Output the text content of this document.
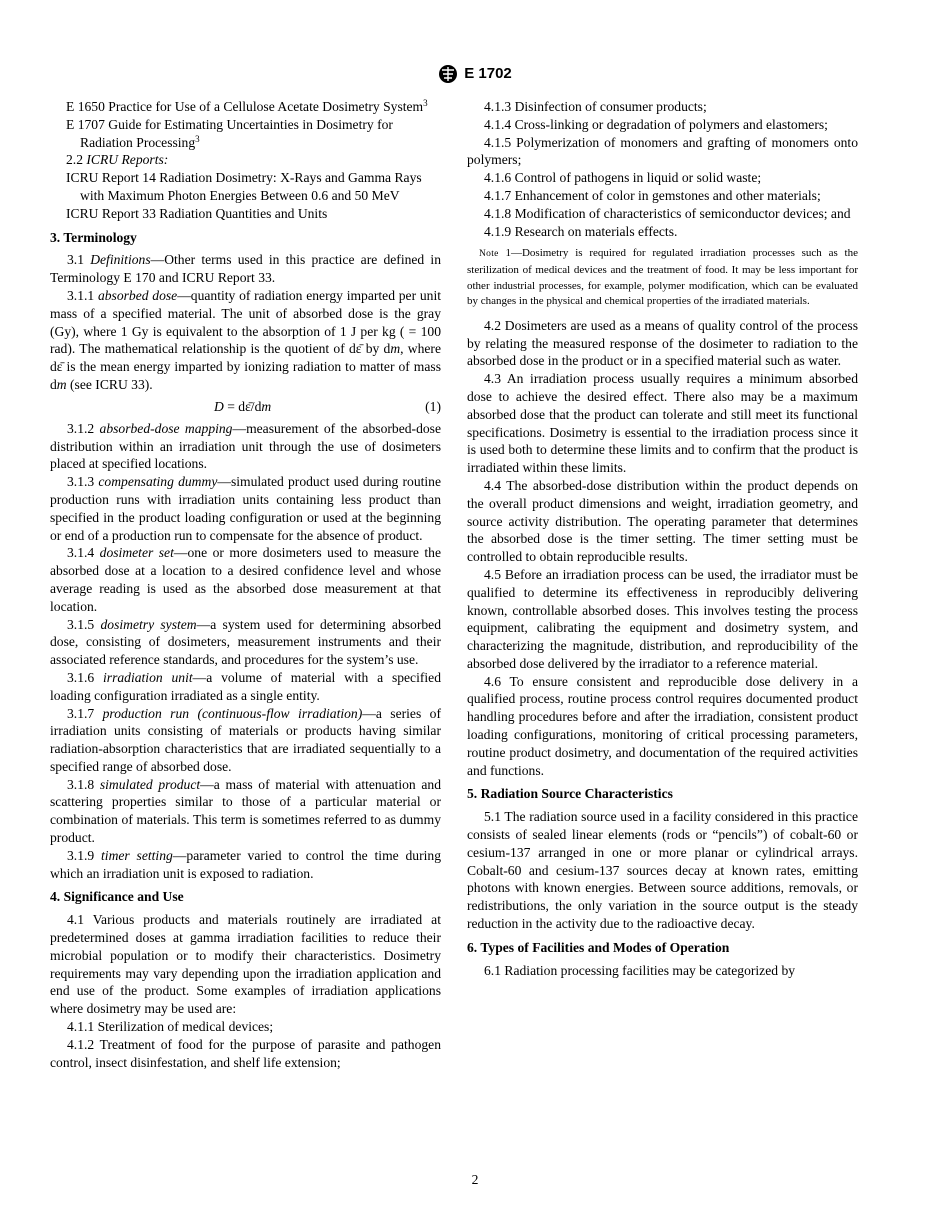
E 1702

E 1650 Practice for Use of a Cellulose Acetate Dosimetry System$^3$

E 1707 Guide for Estimating Uncertainties in Dosimetry for Radiation Processing$^3$

2.2 ICRU Reports:

ICRU Report 14 Radiation Dosimetry: X-Rays and Gamma Rays with Maximum Photon Energies Between 0.6 and 50 MeV

ICRU Report 33 Radiation Quantities and Units

3. Terminology

3.1 Definitions—Other terms used in this practice are defined in Terminology E 170 and ICRU Report 33.

3.1.1 absorbed dose—quantity of radiation energy imparted per unit mass of a specified material. The unit of absorbed dose is the gray (Gy), where 1 Gy is equivalent to the absorption of 1 J per kg ( = 100 rad). The mathematical relationship is the quotient of dε̄ by dm, where dε̄ is the mean energy imparted by ionizing radiation to matter of mass dm (see ICRU 33).

D = dε̄/dm	(1)

3.1.2 absorbed-dose mapping—measurement of the absorbed-dose distribution within an irradiation unit through the use of dosimeters placed at specified locations.

3.1.3 compensating dummy—simulated product used during routine production runs with irradiation units containing less product than specified in the product loading configuration or used at the beginning or end of a production run to compensate for the absence of product.

3.1.4 dosimeter set—one or more dosimeters used to measure the absorbed dose at a location to a desired confidence level and whose average reading is used as the absorbed dose measurement at that location.

3.1.5 dosimetry system—a system used for determining absorbed dose, consisting of dosimeters, measurement instruments and their associated reference standards, and procedures for the system’s use.

3.1.6 irradiation unit—a volume of material with a specified loading configuration irradiated as a single entity.

3.1.7 production run (continuous-flow irradiation)—a series of irradiation units consisting of materials or products having similar radiation-absorption characteristics that are irradiated sequentially to a specified range of absorbed dose.

3.1.8 simulated product—a mass of material with attenuation and scattering properties similar to those of a particular material or combination of materials. This term is sometimes referred to as dummy product.

3.1.9 timer setting—parameter varied to control the time during which an irradiation unit is exposed to radiation.

4. Significance and Use

4.1 Various products and materials routinely are irradiated at predetermined doses at gamma irradiation facilities to reduce their microbial population or to modify their characteristics. Dosimetry requirements may vary depending upon the irradiation application and end use of the product. Some examples of irradiation applications where dosimetry may be used are:

4.1.1 Sterilization of medical devices;

4.1.2 Treatment of food for the purpose of parasite and pathogen control, insect disinfestation, and shelf life extension;

4.1.3 Disinfection of consumer products;

4.1.4 Cross-linking or degradation of polymers and elastomers;

4.1.5 Polymerization of monomers and grafting of monomers onto polymers;

4.1.6 Control of pathogens in liquid or solid waste;

4.1.7 Enhancement of color in gemstones and other materials;

4.1.8 Modification of characteristics of semiconductor devices; and

4.1.9 Research on materials effects.

Note 1—Dosimetry is required for regulated irradiation processes such as the sterilization of medical devices and the treatment of food. It may be less important for other industrial processes, for example, polymer modification, which can be evaluated by changes in the physical and chemical properties of the irradiated materials.

4.2 Dosimeters are used as a means of quality control of the process by relating the measured response of the dosimeter to radiation to the absorbed dose in the product or in a specified material such as water.

4.3 An irradiation process usually requires a minimum absorbed dose to achieve the desired effect. There also may be a maximum absorbed dose that the product can tolerate and still meet its functional specifications. Dosimetry is essential to the irradiation process since it is used both to determine these limits and to confirm that the product is irradiated within these limits.

4.4 The absorbed-dose distribution within the product depends on the overall product dimensions and weight, irradiation geometry, and source activity distribution. The operating parameter that determines the absorbed dose is the timer setting. The timer setting must be controlled to obtain reproducible results.

4.5 Before an irradiation process can be used, the irradiator must be qualified to determine its effectiveness in reproducibly delivering known, controllable absorbed doses. This involves testing the process equipment, calibrating the equipment and dosimetry system, and characterizing the magnitude, distribution, and reproducibility of the absorbed dose delivered by the irradiator to a reference material.

4.6 To ensure consistent and reproducible dose delivery in a qualified process, routine process control requires documented product handling procedures before and after the irradiation, consistent product loading configurations, monitoring of critical processing parameters, routine product dosimetry, and documentation of the required activities and functions.

5. Radiation Source Characteristics

5.1 The radiation source used in a facility considered in this practice consists of sealed linear elements (rods or “pencils”) of cobalt-60 or cesium-137 arranged in one or more planar or cylindrical arrays. Cobalt-60 and cesium-137 sources decay at known rates, emitting photons with known energies. Between source additions, removals, or redistributions, the only variation in the source output is the steady reduction in the activity due to the radioactive decay.

6. Types of Facilities and Modes of Operation

6.1 Radiation processing facilities may be categorized by

2
